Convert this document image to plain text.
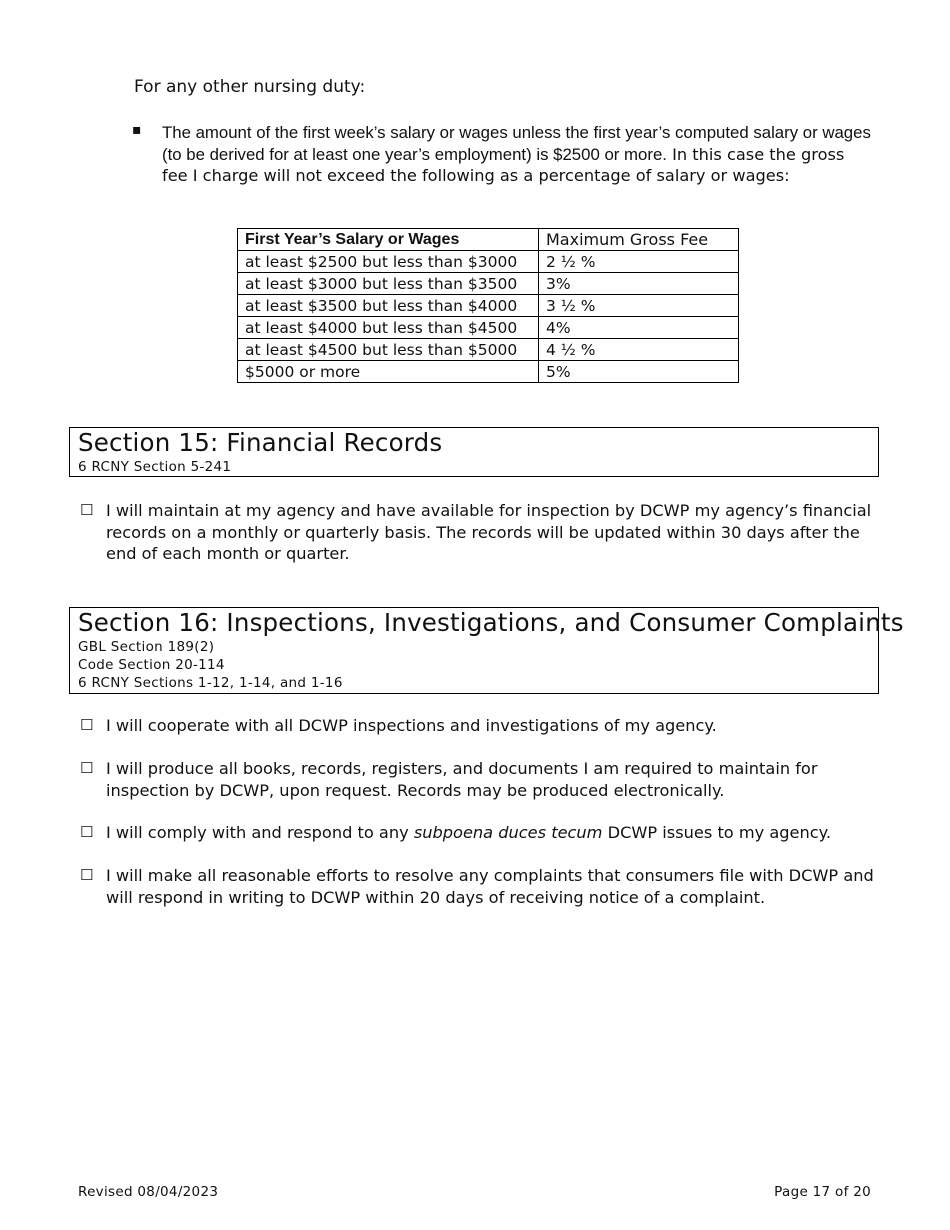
For any other nursing duty:
▪ The amount of the first week’s salary or wages unless the first year’s computed salary or wages (to be derived for at least one year’s employment) is $2500 or more. In this case the gross fee I charge will not exceed the following as a percentage of salary or wages:
First Year’s Salary or Wages	Maximum Gross Fee
at least $2500 but less than $3000	2 ½ %
at least $3000 but less than $3500	3%
at least $3500 but less than $4000	3 ½ %
at least $4000 but less than $4500	4%
at least $4500 but less than $5000	4 ½ %
$5000 or more	5%
Section 15: Financial Records
6 RCNY Section 5-241
☐ I will maintain at my agency and have available for inspection by DCWP my agency’s financial records on a monthly or quarterly basis. The records will be updated within 30 days after the end of each month or quarter.
Section 16: Inspections, Investigations, and Consumer Complaints
GBL Section 189(2)
Code Section 20-114
6 RCNY Sections 1-12, 1-14, and 1-16
☐ I will cooperate with all DCWP inspections and investigations of my agency.
☐ I will produce all books, records, registers, and documents I am required to maintain for inspection by DCWP, upon request. Records may be produced electronically.
☐ I will comply with and respond to any subpoena duces tecum DCWP issues to my agency.
☐ I will make all reasonable efforts to resolve any complaints that consumers file with DCWP and will respond in writing to DCWP within 20 days of receiving notice of a complaint.
Revised 08/04/2023	Page 17 of 20
